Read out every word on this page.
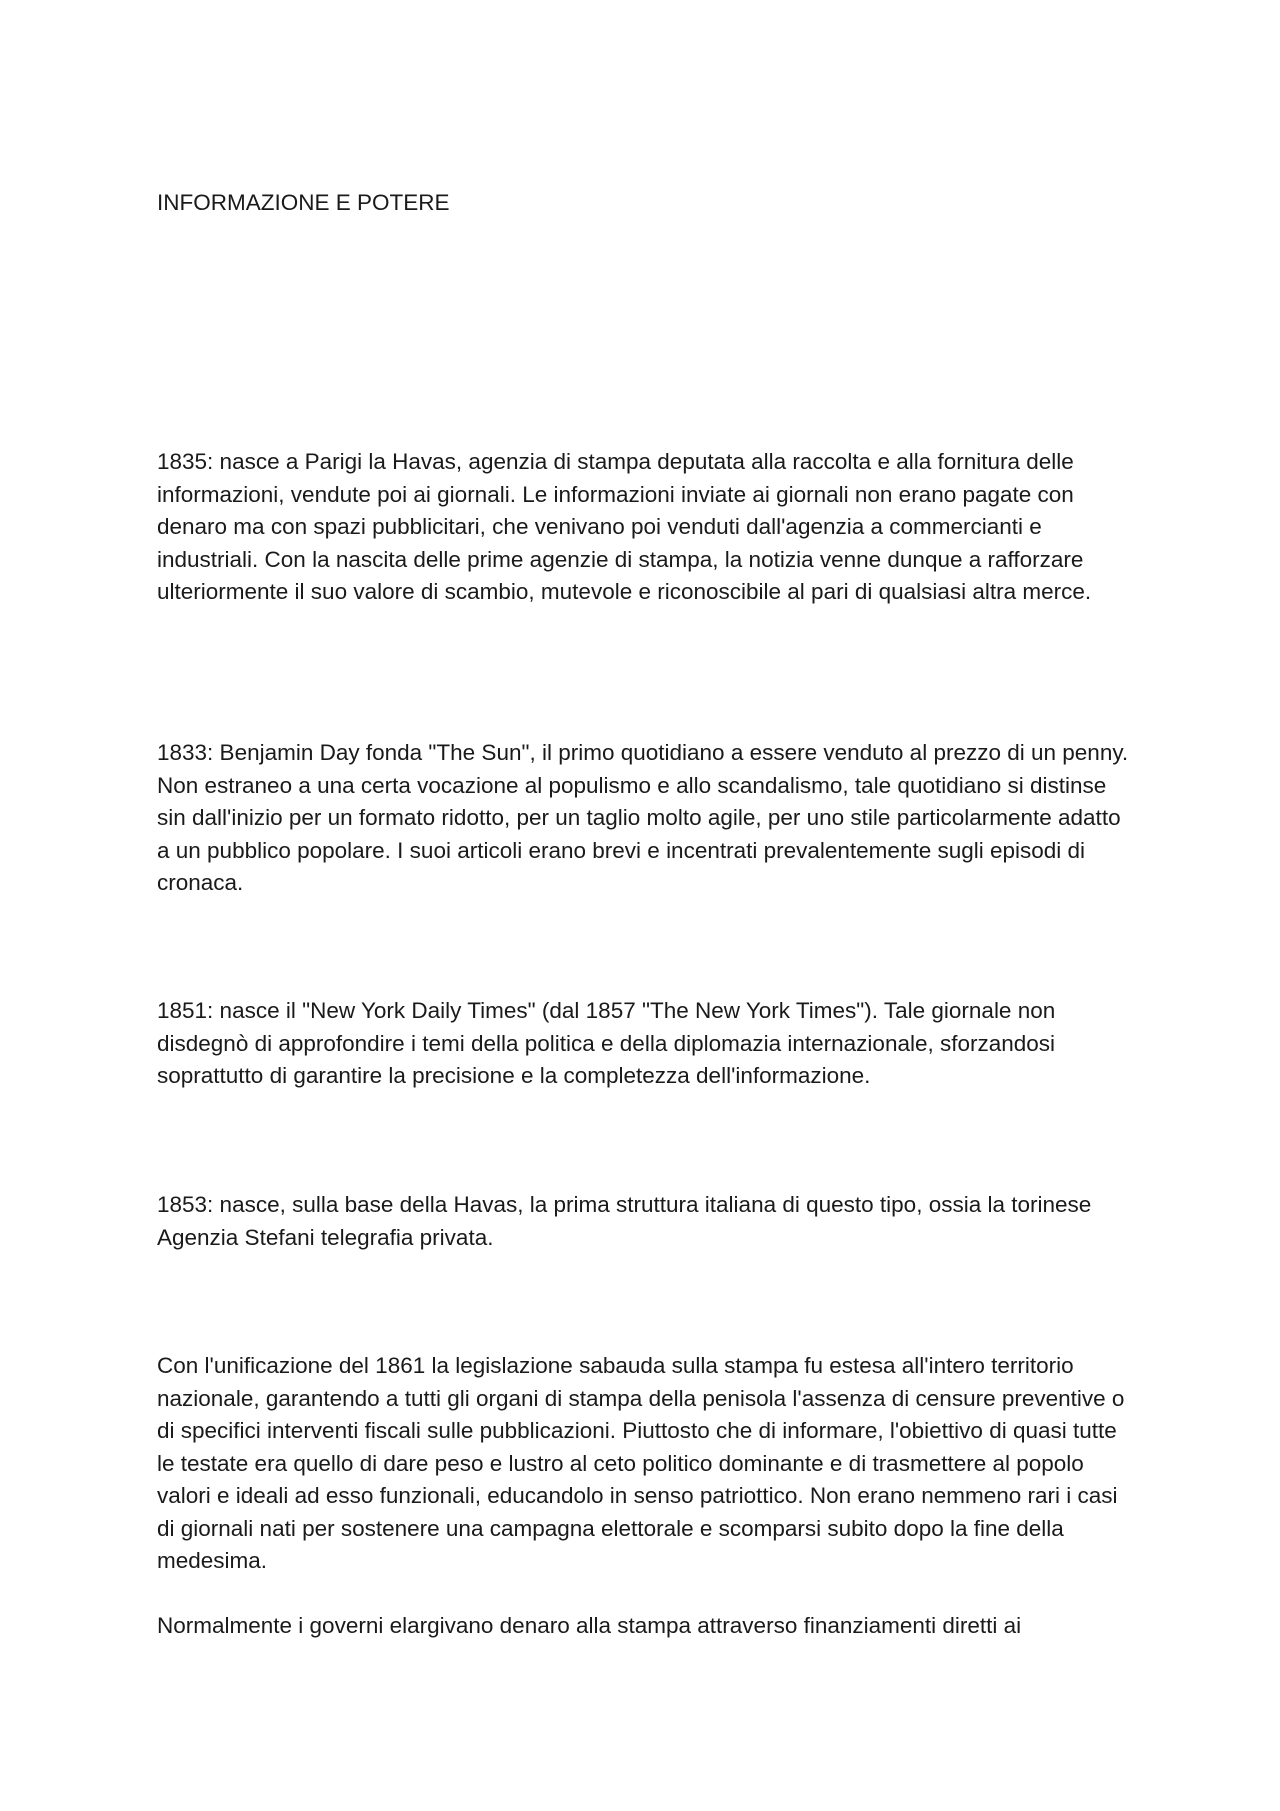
INFORMAZIONE E POTERE

1835: nasce a Parigi la Havas, agenzia di stampa deputata alla raccolta e alla fornitura delle informazioni, vendute poi ai giornali. Le informazioni inviate ai giornali non erano pagate con denaro ma con spazi pubblicitari, che venivano poi venduti dall'agenzia a commercianti e industriali. Con la nascita delle prime agenzie di stampa, la notizia venne dunque a rafforzare ulteriormente il suo valore di scambio, mutevole e riconoscibile al pari di qualsiasi altra merce.

1833: Benjamin Day fonda "The Sun", il primo quotidiano a essere venduto al prezzo di un penny. Non estraneo a una certa vocazione al populismo e allo scandalismo, tale quotidiano si distinse sin dall'inizio per un formato ridotto, per un taglio molto agile, per uno stile particolarmente adatto a un pubblico popolare. I suoi articoli erano brevi e incentrati prevalentemente sugli episodi di cronaca.

1851: nasce il "New York Daily Times" (dal 1857 "The New York Times"). Tale giornale non disdegnò di approfondire i temi della politica e della diplomazia internazionale, sforzandosi soprattutto di garantire la precisione e la completezza dell'informazione.

1853: nasce, sulla base della Havas, la prima struttura italiana di questo tipo, ossia la torinese Agenzia Stefani telegrafia privata.

Con l'unificazione del 1861 la legislazione sabauda sulla stampa fu estesa all'intero territorio nazionale, garantendo a tutti gli organi di stampa della penisola l'assenza di censure preventive o di specifici interventi fiscali sulle pubblicazioni. Piuttosto che di informare, l'obiettivo di quasi tutte le testate era quello di dare peso e lustro al ceto politico dominante e di trasmettere al popolo valori e ideali ad esso funzionali, educandolo in senso patriottico. Non erano nemmeno rari i casi di giornali nati per sostenere una campagna elettorale e scomparsi subito dopo la fine della medesima.

Normalmente i governi elargivano denaro alla stampa attraverso finanziamenti diretti ai
